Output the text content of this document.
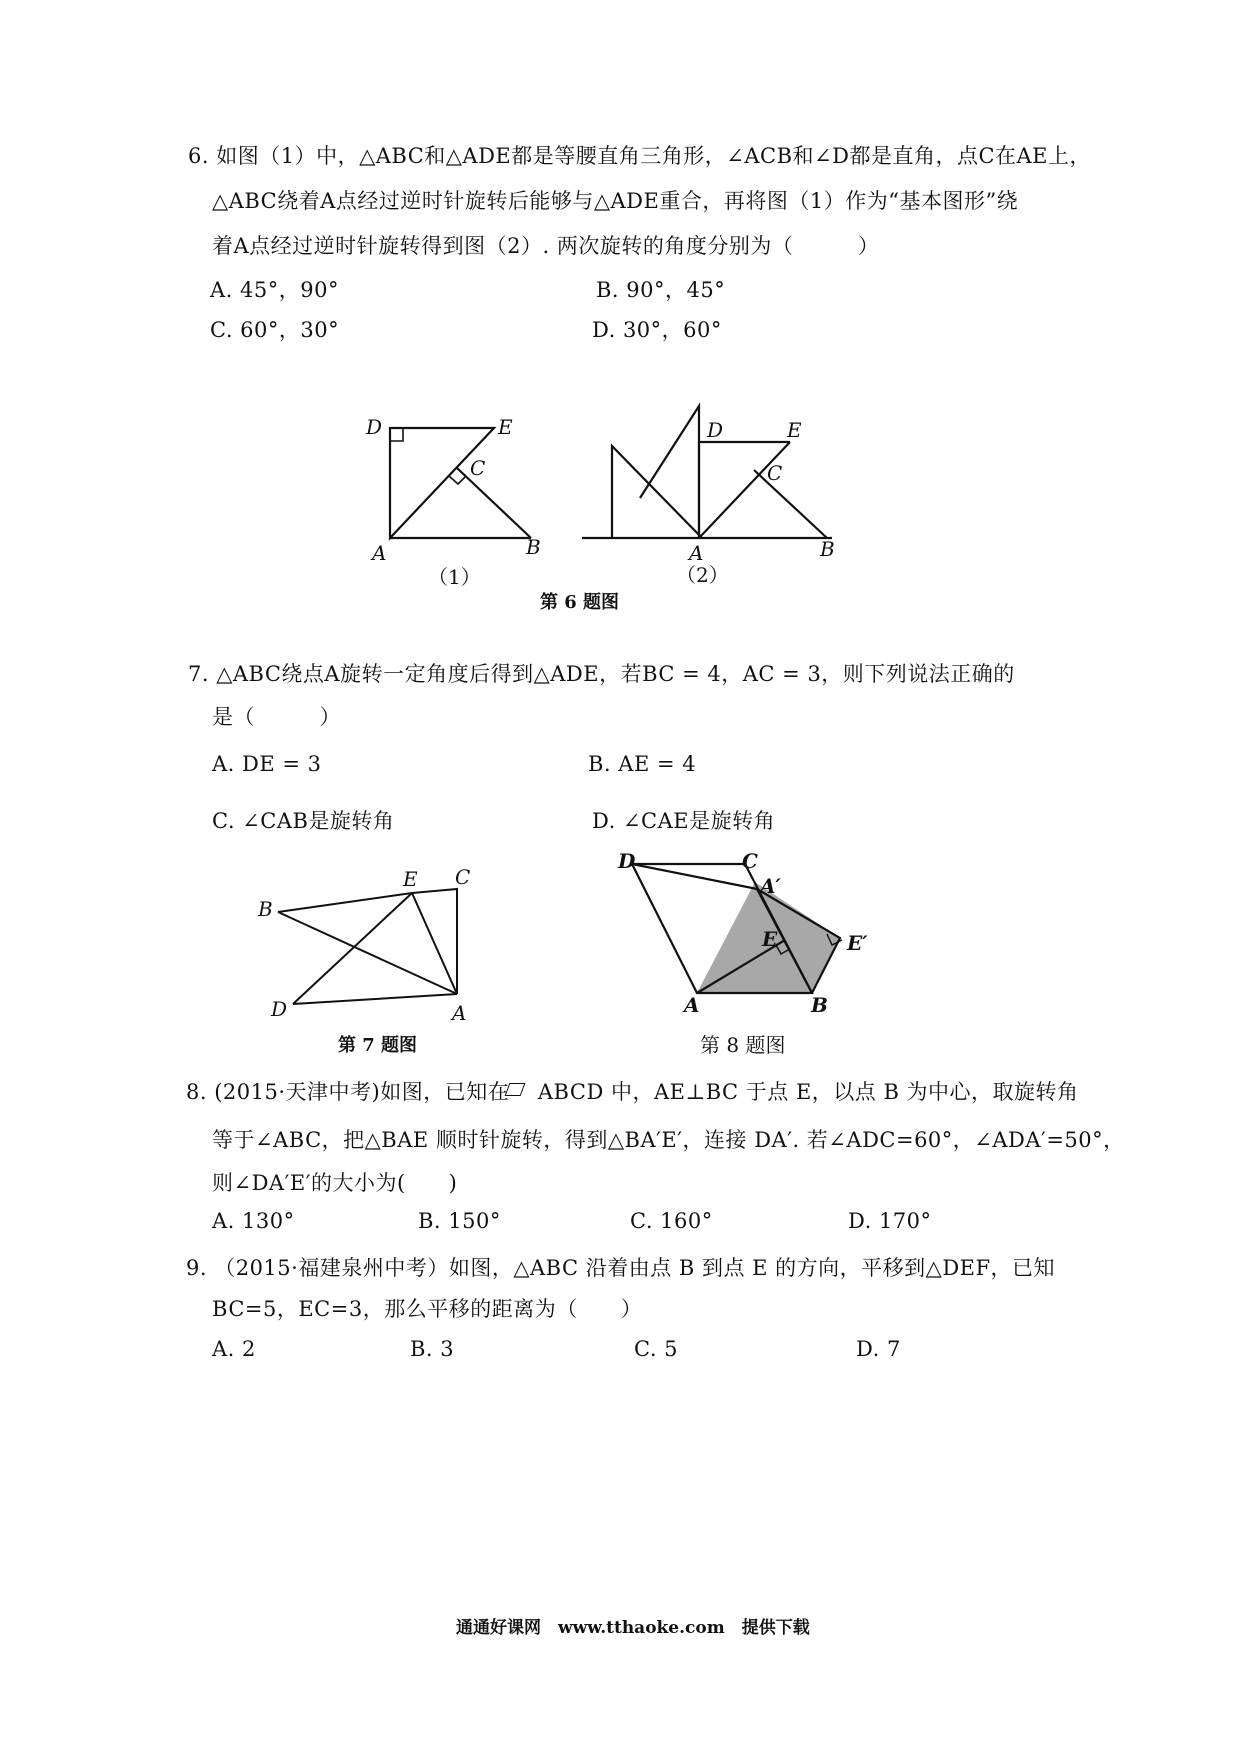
6. 如图（1）中，△ABC和△ADE都是等腰直角三角形，∠ACB和∠D都是直角，点C在AE上，
△ABC绕着A点经过逆时针旋转后能够与△ADE重合，再将图（1）作为“基本图形”绕
着A点经过逆时针旋转得到图（2）. 两次旋转的角度分别为（　　　）
A. 45°，90°	B. 90°，45°
C. 60°，30°	D. 30°，60°
D	E
C
A	B
D	E
C
A	B
（1）	（2）
第 6 题图
7. △ABC绕点A旋转一定角度后得到△ADE，若BC = 4，AC = 3，则下列说法正确的
是（　　　）
A. DE = 3	B. AE = 4
C. ∠CAB是旋转角	D. ∠CAE是旋转角
B
E C
D	A
第 7 题图
D	C
A′
E	E′
A	B
第 8 题图
8. (2015·天津中考)如图，已知在 　ABCD 中，AE⊥BC 于点 E，以点 B 为中心，取旋转角
等于∠ABC，把△BAE 顺时针旋转，得到△BA′E′，连接 DA′. 若∠ADC=60°，∠ADA′=50°，
则∠DA′E′的大小为(　　)
A. 130°	B. 150°	C. 160°	D. 170°
9. （2015·福建泉州中考）如图，△ABC 沿着由点 B 到点 E 的方向，平移到△DEF，已知
BC=5，EC=3，那么平移的距离为（　　）
A. 2	B. 3	C. 5	D. 7
通通好课网　www.tthaoke.com　提供下载
